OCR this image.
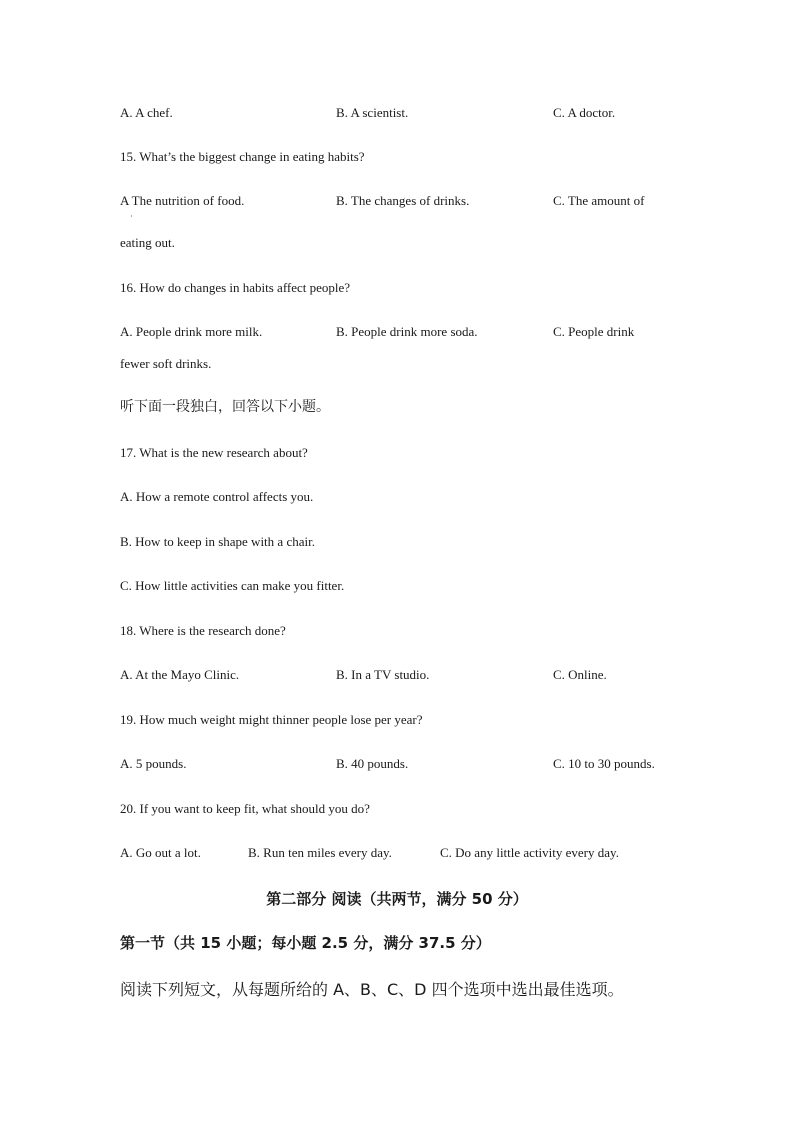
A. A chef.	B. A scientist.	C. A doctor.
15. What’s the biggest change in eating habits?
A The nutrition of food.
·
B. The changes of drinks.	C. The amount of
eating out.
16. How do changes in habits affect people?
A. People drink more milk.	B. People drink more soda.	C. People drink
fewer soft drinks.
听下面一段独白，回答以下小题。
17. What is the new research about?
A. How a remote control affects you.
B. How to keep in shape with a chair.
C. How little activities can make you fitter.
18. Where is the research done?
A. At the Mayo Clinic.	B. In a TV studio.	C. Online.
19. How much weight might thinner people lose per year?
A. 5 pounds.	B. 40 pounds.	C. 10 to 30 pounds.
20. If you want to keep fit, what should you do?
A. Go out a lot.	B. Run ten miles every day.	C. Do any little activity every day.
第二部分 阅读（共两节，满分 50 分）
第一节（共 15 小题；每小题 2.5 分，满分 37.5 分）
阅读下列短文，从每题所给的 A、B、C、D 四个选项中选出最佳选项。
